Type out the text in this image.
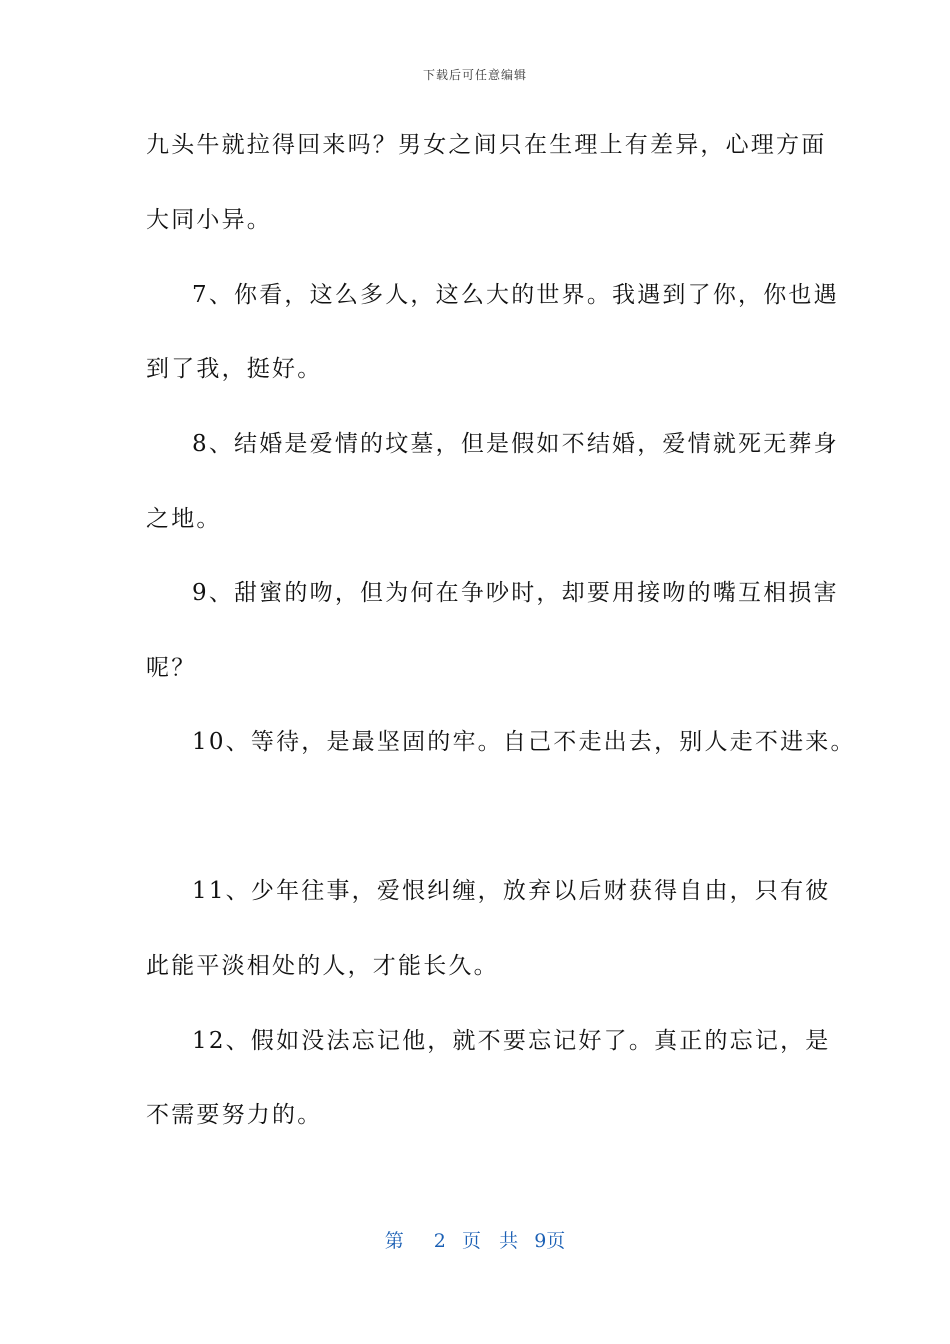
下载后可任意编辑
九头牛就拉得回来吗？男女之间只在生理上有差异，心理方面
大同小异。
7、你看，这么多人，这么大的世界。我遇到了你，你也遇
到了我，挺好。
8、结婚是爱情的坟墓，但是假如不结婚，爱情就死无葬身
之地。
9、甜蜜的吻，但为何在争吵时，却要用接吻的嘴互相损害
呢？
10、等待，是最坚固的牢。自己不走出去，别人走不进来。
11、少年往事，爱恨纠缠，放弃以后财获得自由，只有彼
此能平淡相处的人，才能长久。
12、假如没法忘记他，就不要忘记好了。真正的忘记，是
不需要努力的。
第 2 页 共 9页
